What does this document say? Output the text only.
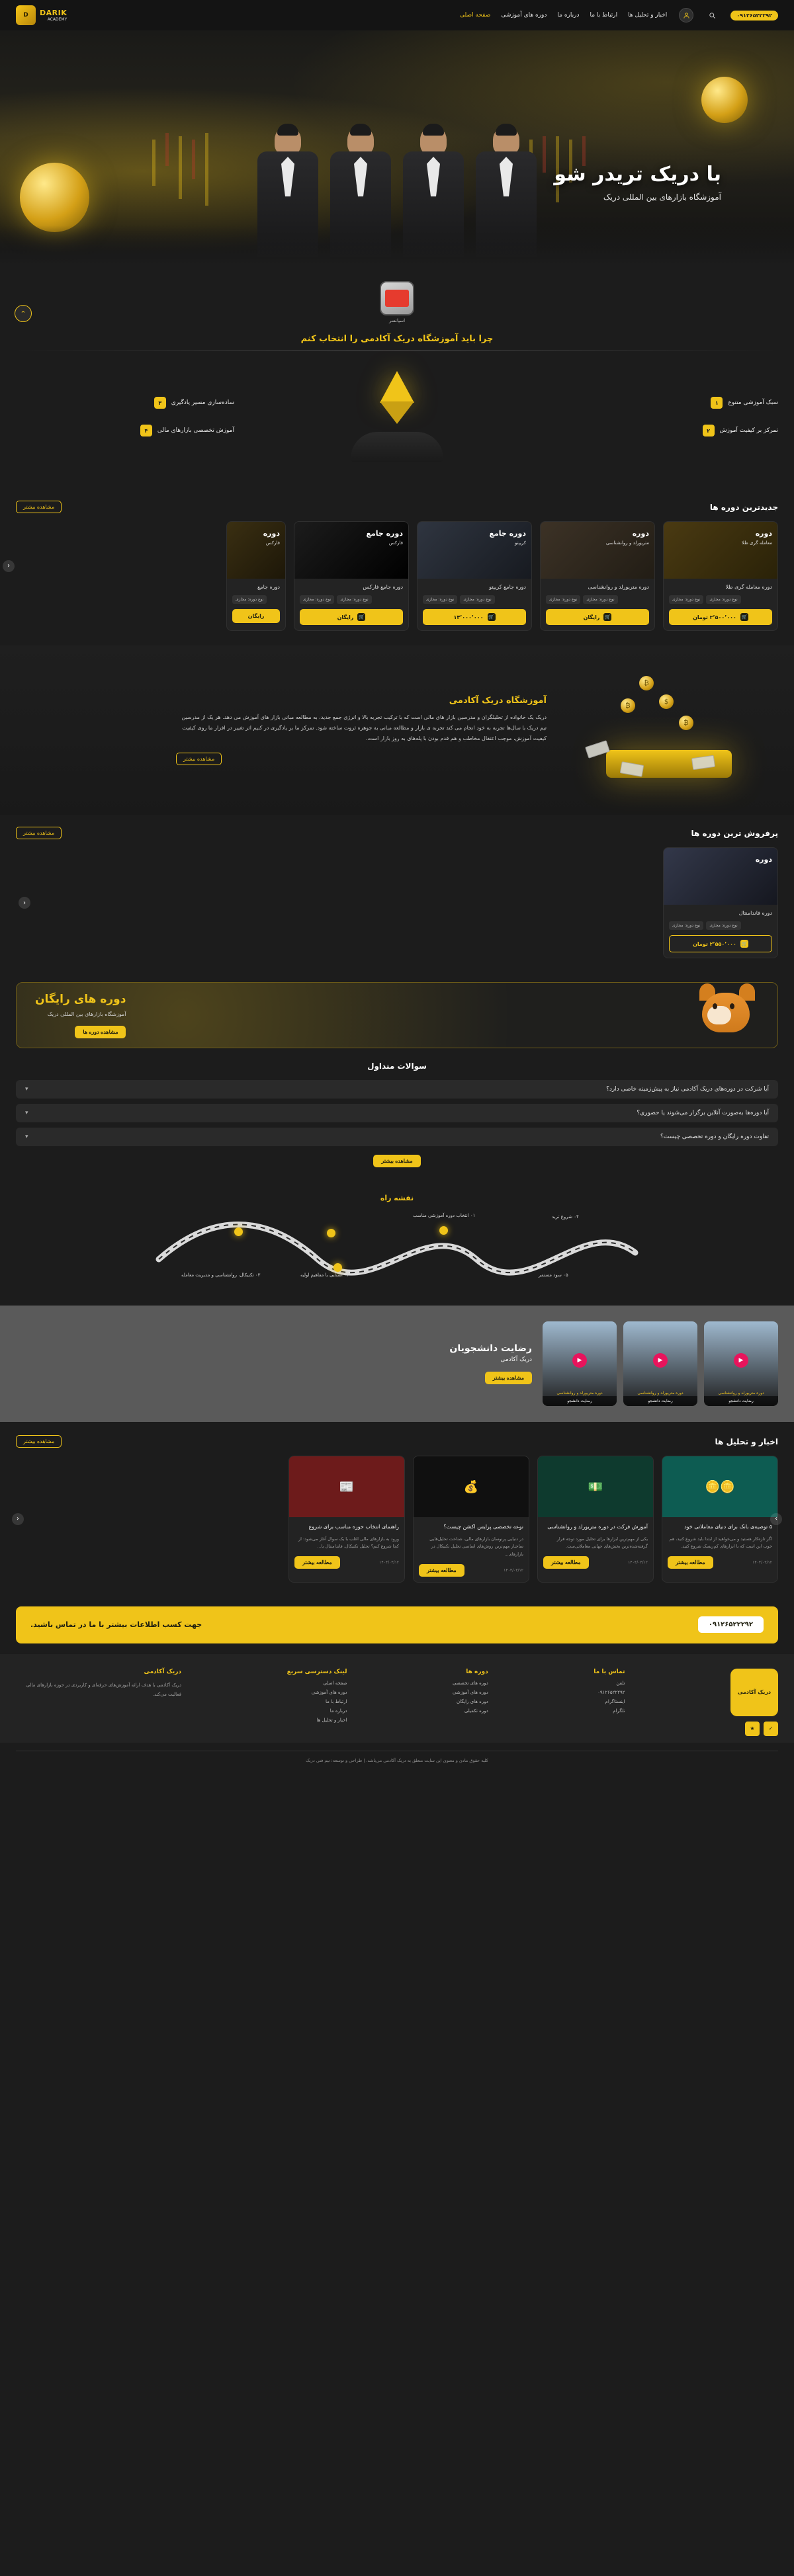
۰۹۱۲۶۵۲۲۲۹۲
اخبار و تحلیل ها
ارتباط با ما
درباره ما
دوره های آموزشی
صفحه اصلی
DARIK
ACADEMY
D
با دریک تریدر شو
آموزشگاه بازارهای بین المللی دریک
⌃
اسپانسر
چرا باید آموزشگاه دریک آکادمی را انتخاب کنم
سبک آموزشی متنوع
۱
تمرکز بر کیفیت آموزش
۲
ساده‌سازی مسیر یادگیری
۳
آموزش تخصصی بازارهای مالی
۴
جدیدترین دوره ها
مشاهده بیشتر
‹
دوره
معامله گری طلا
دوره معامله گری طلا
نوع دوره: مجازی
نوع دوره: مجازی
🛒
۲٬۵۰۰٬۰۰۰ تومان
دوره
متریورلد و روانشناسی
دوره متریورلد و روانشناسی
نوع دوره: مجازی
نوع دوره: مجازی
🛒
رایگان
دوره جامع
کریپتو
دوره جامع کریپتو
نوع دوره: مجازی
نوع دوره: مجازی
🛒
۱۴٬۰۰۰٬۰۰۰
دوره جامع
فارکس
دوره جامع فارکس
نوع دوره: مجازی
نوع دوره: مجازی
🛒
رایگان
دوره
فارکس
دوره جامع
نوع دوره: مجازی
رایگان
₿
$
₿
₿
آموزشگاه دریک آکادمی

دریک یک خانواده از تحلیلگران و مدرسین بازار های مالی است که با ترکیب تجربه بالا و انرژی جمع جدید، به مطالعه مبانی بازار های آموزش می دهد. هر یک از مدرسین تیم دریک با سال‌ها تجربه به خود انجام می کند تجربه ی بازار و مطالعه مبانی به جوهره ثروت ساخته شود. تمرکز ما بر یادگیری در کنیم اثر تغییر در افزار ما روی کیفیت کیفیت آموزش، موجب اعتقال مخاطب و هم قدم بودن با پله‌های به روز بازار است.

مشاهده بیشتر
پرفروش ترین دوره ها
مشاهده بیشتر
‹
دوره
دوره فاندامنتال
نوع دوره: مجازی
نوع دوره: مجازی
🛒
۲٬۵۵۰٬۰۰۰ تومان
دوره های رایگان

آموزشگاه بازارهای بین المللی دریک

مشاهده دوره ها
سوالات متداول
آیا شرکت در دوره‌های دریک آکادمی نیاز به پیش‌زمینه خاصی دارد؟
▾
آیا دوره‌ها به‌صورت آنلاین برگزار می‌شوند یا حضوری؟
▾
تفاوت دوره رایگان و دوره تخصصی چیست؟
▾
مشاهده بیشتر
نقشه راه
۰۱ انتخاب دوره آموزشی مناسب
۰۲ آشنایی با مفاهیم اولیه
۰۳ تکنیکال، روانشناسی و مدیریت معامله
۰۴ شروع ترید
۰۵ سود مستمر
▶
دوره متریورلد و روانشناسی
رضایت دانشجو
▶
دوره متریورلد و روانشناسی
رضایت دانشجو
▶
دوره متریورلد و روانشناسی
رضایت دانشجو
رضایت دانشجویان

دریک آکادمی

مشاهده بیشتر
اخبار و تحلیل ها
مشاهده بیشتر
‹	›
🪙🪙
۵ توصیه‌ی بانک برای دنیای معاملاتی خود
اگر تازه‌کار هستید و می‌خواهید از ابتدا باید شروع کنید، هم خوب این است که با ابزارهای کم‌ریسک شروع کنید.
۱۴۰۴/۰۳/۱۲
مطالعه بیشتر
💵
آموزش فرکت در دوره متریورلد و روانشناسی
یکی از مهم‌ترین ابزارها برای تحلیل مورد توجه قرار گرفته‌شده‌ترین بخش‌های جهانی معاملاتی‌ست.
۱۴۰۴/۰۳/۱۲
مطالعه بیشتر
💰
نوعه تخصصی پرایس اکشن چیست؟
در دنیایی پرنوسان بازارهای مالی، شناخت تحلیل‌هایی ساختار مهم‌ترین روش‌های اساسی تحلیل تکنیکال در بازارهای...
۱۴۰۴/۰۳/۱۲
مطالعه بیشتر
📰
راهنمای انتخاب حوزه مناسب برای شروع
ورود به بازارهای مالی اغلب با یک سوال آغاز می‌شود: از کجا شروع کنم؟ تحلیل تکنیکال، فاندامنتال یا...
۱۴۰۴/۰۳/۱۲
مطالعه بیشتر
۰۹۱۲۶۵۲۲۲۹۲
جهت کسب اطلاعات بیشتر با ما در تماس باشید.
دریک آکادمی
✓
★
تماس با ما
تلفن
۰۹۱۲۶۵۲۲۲۹۲
اینستاگرام
تلگرام
دوره ها
دوره های تخصصی
دوره های آموزشی
دوره های رایگان
دوره تکمیلی
لینک دسترسی سریع
صفحه اصلی
دوره های آموزشی
ارتباط با ما
درباره ما
اخبار و تحلیل ها
دریک آکادمی
دریک آکادمی با هدف ارائه آموزش‌های حرفه‌ای و کاربردی در حوزه بازارهای مالی فعالیت می‌کند.
کلیه حقوق مادی و معنوی این سایت متعلق به دریک آکادمی می‌باشد. | طراحی و توسعه: تیم فنی دریک
